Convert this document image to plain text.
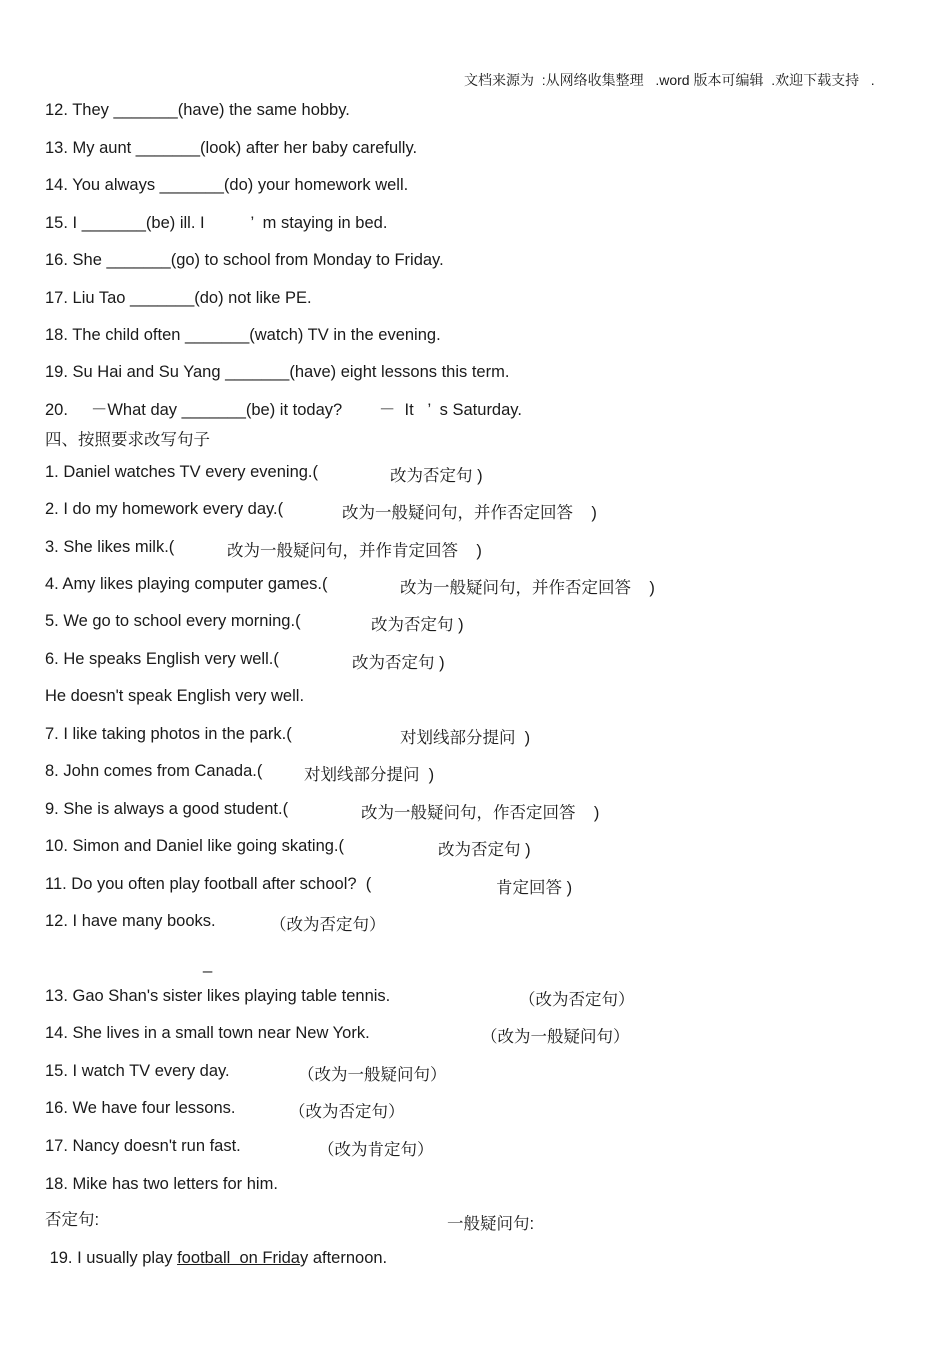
文档来源为  :从网络收集整理   .word 版本可编辑  .欢迎下载支持   .
12. They _______(have) the same hobby.
13. My aunt _______(look) after her baby carefully.
14. You always _______(do) your homework well.
15. I _______(be) ill. I          ’  m staying in bed.
16. She _______(go) to school from Monday to Friday.
17. Liu Tao _______(do) not like PE.
18. The child often _______(watch) TV in the evening.
19. Su Hai and Su Yang _______(have) eight lessons this term.
20.     －What day _______(be) it today?        －  It   ’  s Saturday.
四、按照要求改写句子
1. Daniel watches TV every evening.(
2. I do my homework every day.(
3. She likes milk.(
4. Amy likes playing computer games.(
5. We go to school every morning.(
6. He speaks English very well.(
He doesn't speak English very well.
7. I like taking photos in the park.(
8. John comes from Canada.(
9. She is always a good student.(
10. Simon and Daniel like going skating.(
11. Do you often play football after school?  (
12. I have many books.
13. Gao Shan's sister likes playing table tennis.
14. She lives in a small town near New York.
15. I watch TV every day.
16. We have four lessons.
17. Nancy doesn't run fast.
18. Mike has two letters for him.
否定句:
改为否定句 )
改为一般疑问句，并作否定回答    )
改为一般疑问句，并作肯定回答    )
改为一般疑问句，并作否定回答    )
改为否定句 )
改为否定句 )
对划线部分提问  )
对划线部分提问  )
改为一般疑问句，作否定回答    )
改为否定句 )
肯定回答 )
（改为否定句）
_
（改为否定句）
（改为一般疑问句）
（改为一般疑问句）
（改为否定句）
（改为肯定句）
一般疑问句:
19. I usually play football  on Friday afternoon.
